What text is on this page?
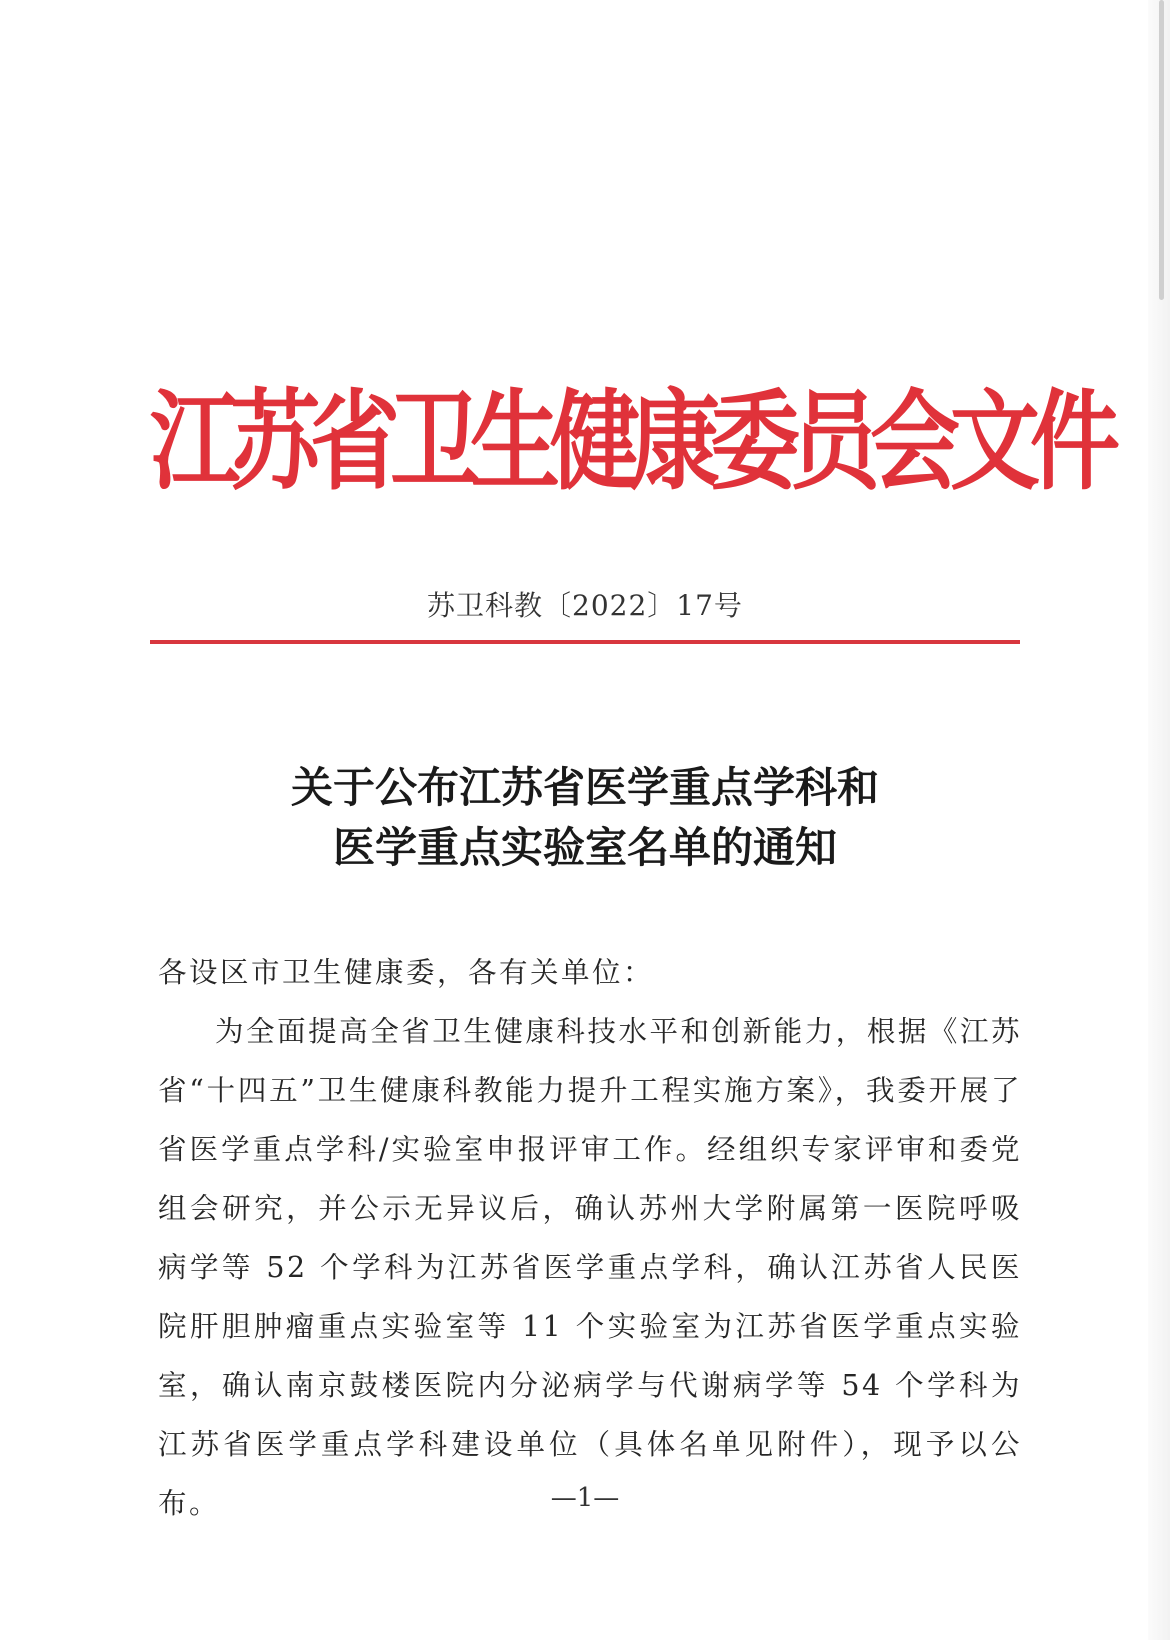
江苏省卫生健康委员会文件
苏卫科教〔2022〕17号
关于公布江苏省医学重点学科和
医学重点实验室名单的通知

各设区市卫生健康委，各有关单位：

为全面提高全省卫生健康科技水平和创新能力，根据《江苏省“十四五”卫生健康科教能力提升工程实施方案》，我委开展了省医学重点学科/实验室申报评审工作。经组织专家评审和委党组会研究，并公示无异议后，确认苏州大学附属第一医院呼吸病学等 52 个学科为江苏省医学重点学科，确认江苏省人民医院肝胆肿瘤重点实验室等 11 个实验室为江苏省医学重点实验室，确认南京鼓楼医院内分泌病学与代谢病学等 54 个学科为江苏省医学重点学科建设单位（具体名单见附件），现予以公布。	—1—
